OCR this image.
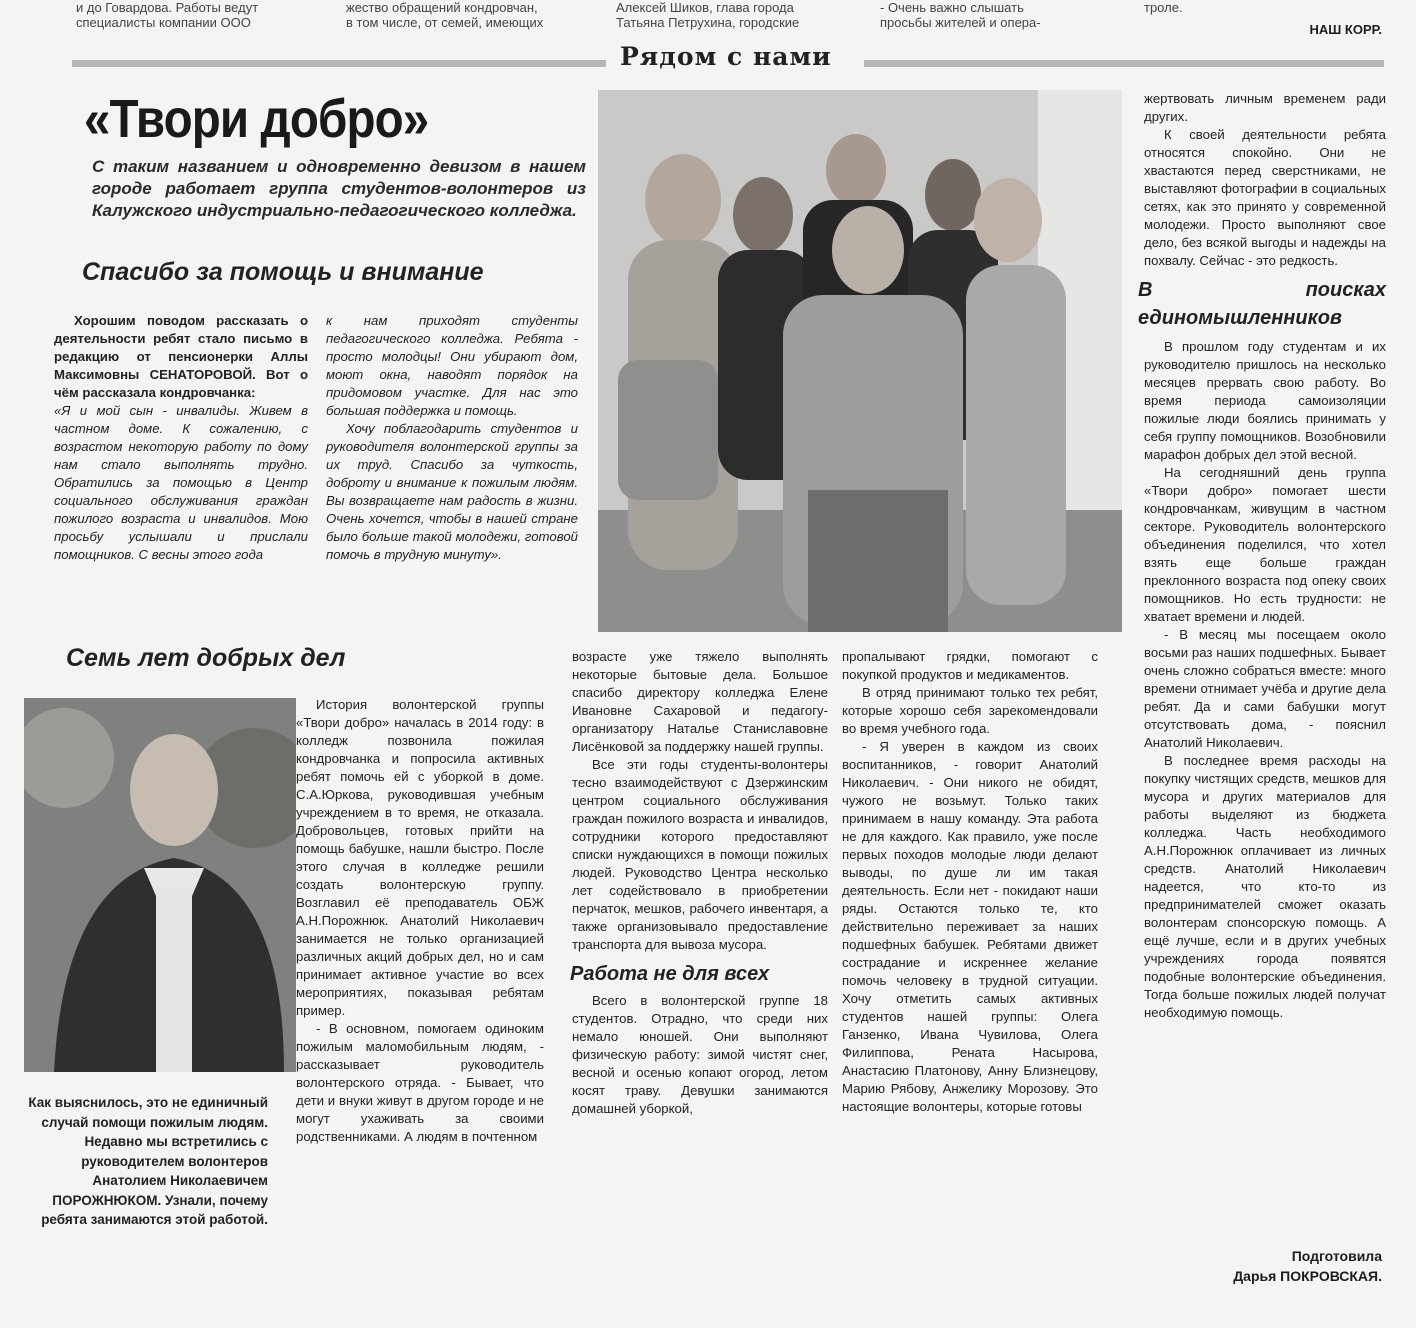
и до Говардова. Работы ведут
специалисты компании ООО
жество обращений кондровчан,
в том числе, от семей, имеющих
Алексей Шиков, глава города
Татьяна Петрухина, городские
- Очень важно слышать
просьбы жителей и опера-
троле.
НАШ КОРР.
Рядом с нами
«Твори добро»
С таким названием и одновременно девизом в нашем городе работает группа студентов-волонтеров из Калужского индустриально-педагогического колледжа.
Спасибо за помощь и внимание

Хорошим поводом рассказать о деятельности ребят стало письмо в редакцию от пенсионерки Аллы Максимовны СЕНАТОРОВОЙ. Вот о чём рассказала кондровчанка:

«Я и мой сын - инвалиды. Живем в частном доме. К сожалению, с возрастом некоторую работу по дому нам стало выполнять трудно. Обратились за помощью в Центр социального обслуживания граждан пожилого возраста и инвалидов. Мою просьбу услышали и прислали помощников. С весны этого года

к нам приходят студенты педагогического колледжа. Ребята - просто молодцы! Они убирают дом, моют окна, наводят порядок на придомовом участке. Для нас это большая поддержка и помощь.

Хочу поблагодарить студентов и руководителя волонтерской группы за их труд. Спасибо за чуткость, доброту и внимание к пожилым людям. Вы возвращаете нам радость в жизни. Очень хочется, чтобы в нашей стране было больше такой молодежи, готовой помочь в трудную минуту».

жертвовать личным временем ради других.

К своей деятельности ребята относятся спокойно. Они не хвастаются перед сверстниками, не выставляют фотографии в социальных сетях, как это принято у современной молодежи. Просто выполняют свое дело, без всякой выгоды и надежды на похвалу. Сейчас - это редкость.

В поисках единомышленников

В прошлом году студентам и их руководителю пришлось на несколько месяцев прервать свою работу. Во время периода самоизоляции пожилые люди боялись принимать у себя группу помощников. Возобновили марафон добрых дел этой весной.

На сегодняшний день группа «Твори добро» помогает шести кондровчанкам, живущим в частном секторе. Руководитель волонтерского объединения поделился, что хотел взять еще больше граждан преклонного возраста под опеку своих помощников. Но есть трудности: не хватает времени и людей.

- В месяц мы посещаем около восьми раз наших подшефных. Бывает очень сложно собраться вместе: много времени отнимает учёба и другие дела ребят. Да и сами бабушки могут отсутствовать дома, - пояснил Анатолий Николаевич.

В последнее время расходы на покупку чистящих средств, мешков для мусора и других материалов для работы выделяют из бюджета колледжа. Часть необходимого А.Н.Порожнюк оплачивает из личных средств. Анатолий Николаевич надеется, что кто-то из предпринимателей сможет оказать волонтерам спонсорскую помощь. А ещё лучше, если и в других учебных учреждениях города появятся подобные волонтерские объединения. Тогда больше пожилых людей получат необходимую помощь.

Семь лет добрых дел
Как выяснилось, это не единичный случай помощи пожилым людям. Недавно мы встретились с руководителем волонтеров Анатолием Николаевичем ПОРОЖНЮКОМ. Узнали, почему ребята занимаются этой работой.

История волонтерской группы «Твори добро» началась в 2014 году: в колледж позвонила пожилая кондровчанка и попросила активных ребят помочь ей с уборкой в доме. С.А.Юркова, руководившая учебным учреждением в то время, не отказала. Добровольцев, готовых прийти на помощь бабушке, нашли быстро. После этого случая в колледже решили создать волонтерскую группу. Возглавил её преподаватель ОБЖ А.Н.Порожнюк. Анатолий Николаевич занимается не только организацией различных акций добрых дел, но и сам принимает активное участие во всех мероприятиях, показывая ребятам пример.

- В основном, помогаем одиноким пожилым маломобильным людям, - рассказывает руководитель волонтерского отряда. - Бывает, что дети и внуки живут в другом городе и не могут ухаживать за своими родственниками. А людям в почтенном

возрасте уже тяжело выполнять некоторые бытовые дела. Большое спасибо директору колледжа Елене Ивановне Сахаровой и педагогу-организатору Наталье Станиславовне Лисёнковой за поддержку нашей группы.

Все эти годы студенты-волонтеры тесно взаимодействуют с Дзержинским центром социального обслуживания граждан пожилого возраста и инвалидов, сотрудники которого предоставляют списки нуждающихся в помощи пожилых людей. Руководство Центра несколько лет содействовало в приобретении перчаток, мешков, рабочего инвентаря, а также организовывало предоставление транспорта для вывоза мусора.

Работа не для всех

Всего в волонтерской группе 18 студентов. Отрадно, что среди них немало юношей. Они выполняют физическую работу: зимой чистят снег, весной и осенью копают огород, летом косят траву. Девушки занимаются домашней уборкой,

пропалывают грядки, помогают с покупкой продуктов и медикаментов.

В отряд принимают только тех ребят, которые хорошо себя зарекомендовали во время учебного года.

- Я уверен в каждом из своих воспитанников, - говорит Анатолий Николаевич. - Они никого не обидят, чужого не возьмут. Только таких принимаем в нашу команду. Эта работа не для каждого. Как правило, уже после первых походов молодые люди делают выводы, по душе ли им такая деятельность. Если нет - покидают наши ряды. Остаются только те, кто действительно переживает за наших подшефных бабушек. Ребятами движет сострадание и искреннее желание помочь человеку в трудной ситуации. Хочу отметить самых активных студентов нашей группы: Олега Ганзенко, Ивана Чувилова, Олега Филиппова, Рената Насырова, Анастасию Платонову, Анну Близнецову, Марию Рябову, Анжелику Морозову. Это настоящие волонтеры, которые готовы

Подготовила
Дарья ПОКРОВСКАЯ.
